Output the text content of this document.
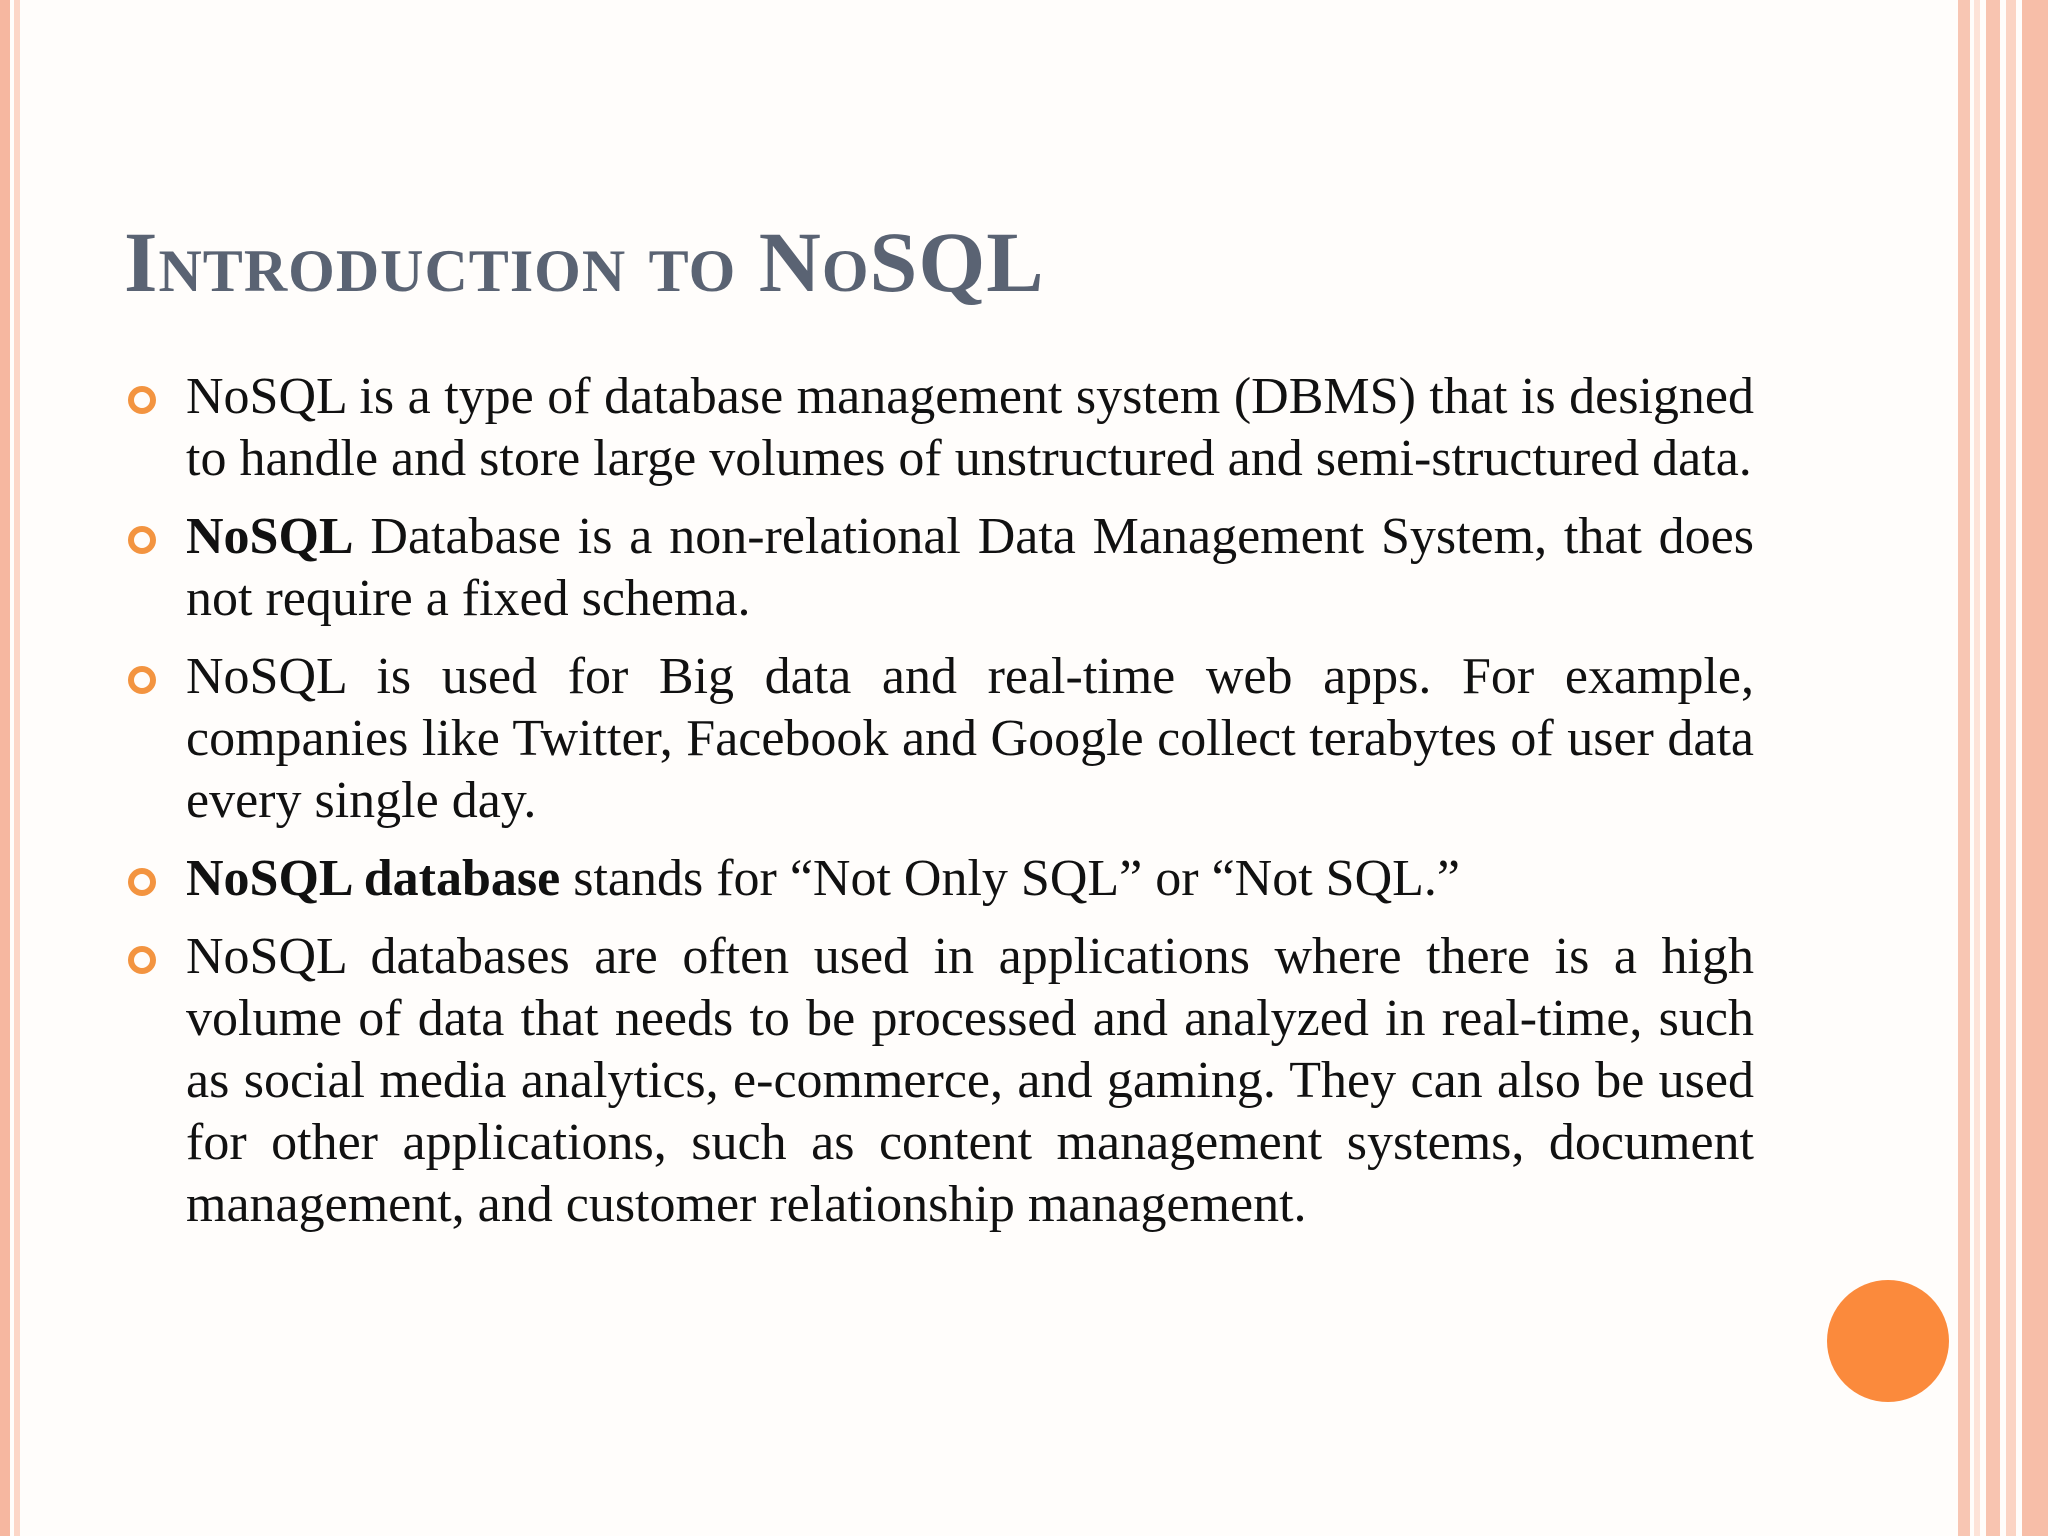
Introduction to NoSQL
NoSQL is a type of database management system (DBMS) that is designed to handle and store large volumes of unstructured and semi-structured data.
NoSQL Database is a non-relational Data Management System, that does not require a fixed schema.
NoSQL is used for Big data and real-time web apps. For example, companies like Twitter, Facebook and Google collect terabytes of user data every single day.
NoSQL database stands for “Not Only SQL” or “Not SQL.”
NoSQL databases are often used in applications where there is a high volume of data that needs to be processed and analyzed in real-time, such as social media analytics, e-commerce, and gaming. They can also be used for other applications, such as content management systems, document management, and customer relationship management.
